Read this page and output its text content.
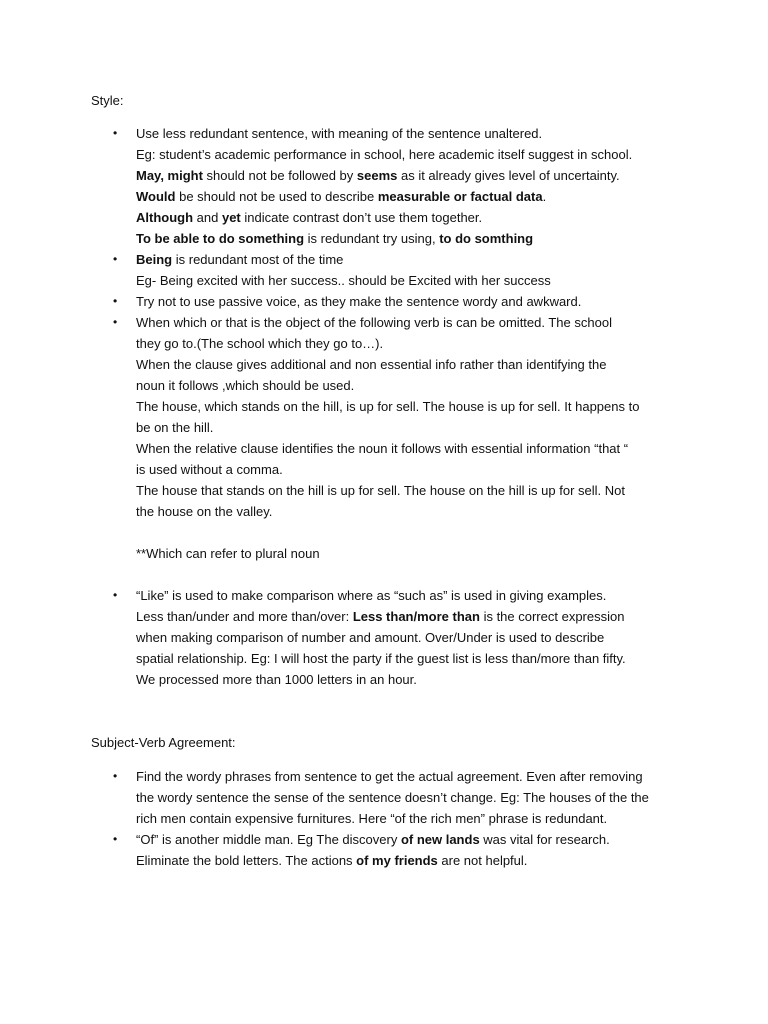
Style:
• Use less redundant sentence, with meaning of the sentence unaltered.
Eg: student’s academic performance in school, here academic itself suggest in school.
May, might should not be followed by seems as it already gives level of uncertainty.
Would be should not be used to describe measurable or factual data.
Although and yet indicate contrast don’t use them together.
To be able to do something is redundant try using, to do somthing
• Being is redundant most of the time
Eg- Being excited with her success.. should be Excited with her success
• Try not to use passive voice, as they make the sentence wordy and awkward.
• When which or that is the object of the following verb is can be omitted. The school
they go to.(The school which they go to…).
When the clause gives additional and non essential info rather than identifying the
noun it follows ,which should be used.
The house, which stands on the hill, is up for sell. The house is up for sell. It happens to
be on the hill.
When the relative clause identifies the noun it follows with essential information “that “
is used without a comma.
The house that stands on the hill is up for sell. The house on the hill is up for sell. Not
the house on the valley.
**Which can refer to plural noun
• “Like” is used to make comparison where as “such as” is used in giving examples.
Less than/under and more than/over: Less than/more than is the correct expression
when making comparison of number and amount. Over/Under is used to describe
spatial relationship. Eg: I will host the party if the guest list is less than/more than fifty.
We processed more than 1000 letters in an hour.
Subject-Verb Agreement:
• Find the wordy phrases from sentence to get the actual agreement. Even after removing
the wordy sentence the sense of the sentence doesn’t change. Eg: The houses of the the
rich men contain expensive furnitures. Here “of the rich men” phrase is redundant.
• “Of” is another middle man. Eg The discovery of new lands was vital for research.
Eliminate the bold letters. The actions of my friends are not helpful.
